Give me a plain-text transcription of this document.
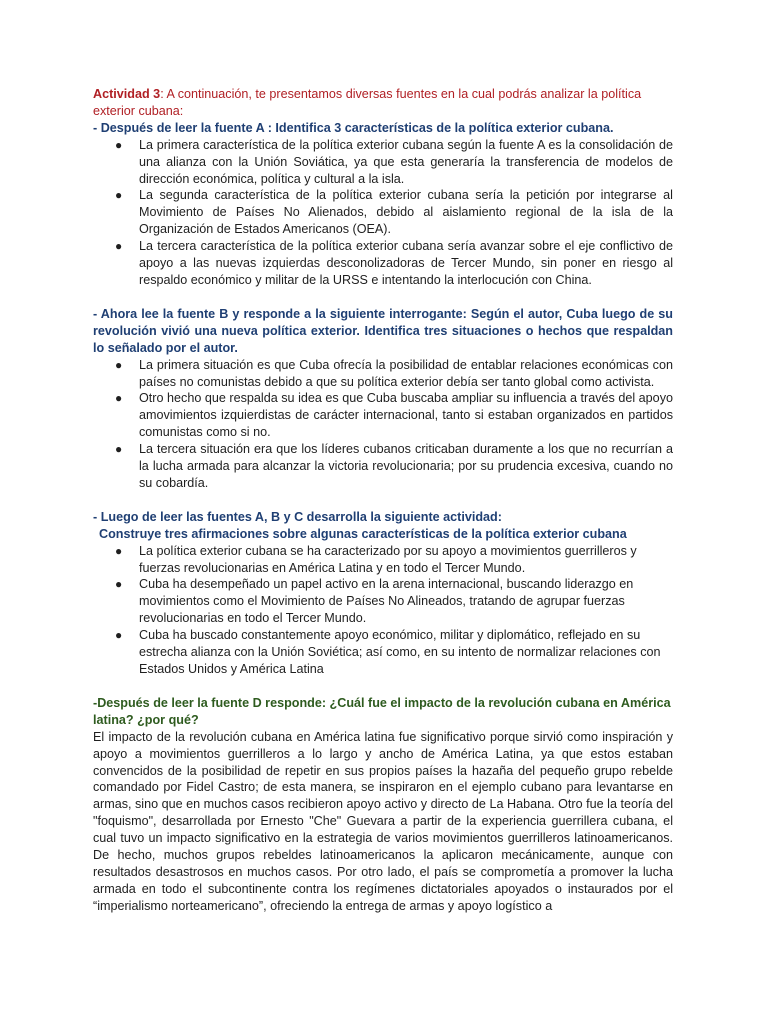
Actividad 3: A continuación, te presentamos diversas fuentes en la cual podrás analizar la política exterior cubana:

- Después de leer la fuente A : Identifica 3 características de la política exterior cubana.

● La primera característica de la política exterior cubana según la fuente A es la consolidación de una alianza con la Unión Soviática, ya que esta generaría la transferencia de modelos de dirección económica, política y cultural a la isla.
● La segunda característica de la política exterior cubana sería la petición por integrarse al Movimiento de Países No Alienados, debido al aislamiento regional de la isla de la Organización de Estados Americanos (OEA).
● La tercera característica de la política exterior cubana sería avanzar sobre el eje conflictivo de apoyo a las nuevas izquierdas desconolizadoras de Tercer Mundo, sin poner en riesgo al respaldo económico y militar de la URSS e intentando la interlocución con China.

- Ahora lee la fuente B y responde a la siguiente interrogante: Según el autor, Cuba luego de su revolución vivió una nueva política exterior. Identifica tres situaciones o hechos que respaldan lo señalado por el autor.

● La primera situación es que Cuba ofrecía la posibilidad de entablar relaciones económicas con países no comunistas debido a que su política exterior debía ser tanto global como activista.
● Otro hecho que respalda su idea es que Cuba buscaba ampliar su influencia a través del apoyo amovimientos izquierdistas de carácter internacional, tanto si estaban organizados en partidos comunistas como si no.
● La tercera situación era que los líderes cubanos criticaban duramente a los que no recurrían a la lucha armada para alcanzar la victoria revolucionaria; por su prudencia excesiva, cuando no su cobardía.

- Luego de leer las fuentes A, B y C desarrolla la siguiente actividad:

Construye tres afirmaciones sobre algunas características de la política exterior cubana

● La política exterior cubana se ha caracterizado por su apoyo a movimientos guerrilleros y fuerzas revolucionarias en América Latina y en todo el Tercer Mundo.
● Cuba ha desempeñado un papel activo en la arena internacional, buscando liderazgo en movimientos como el Movimiento de Países No Alineados, tratando de agrupar fuerzas revolucionarias en todo el Tercer Mundo.
● Cuba ha buscado constantemente apoyo económico, militar y diplomático, reflejado en su estrecha alianza con la Unión Soviética; así como, en su intento de normalizar relaciones con Estados Unidos y América Latina

-Después de leer la fuente D responde: ¿Cuál fue el impacto de la revolución cubana en América latina? ¿por qué?

El impacto de la revolución cubana en América latina fue significativo porque sirvió como inspiración y apoyo a movimientos guerrilleros a lo largo y ancho de América Latina, ya que estos estaban convencidos de la posibilidad de repetir en sus propios países la hazaña del pequeño grupo rebelde comandado por Fidel Castro; de esta manera, se inspiraron en el ejemplo cubano para levantarse en armas, sino que en muchos casos recibieron apoyo activo y directo de La Habana. Otro fue la teoría del "foquismo", desarrollada por Ernesto "Che" Guevara a partir de la experiencia guerrillera cubana, el cual tuvo un impacto significativo en la estrategia de varios movimientos guerrilleros latinoamericanos. De hecho, muchos grupos rebeldes latinoamericanos la aplicaron mecánicamente, aunque con resultados desastrosos en muchos casos. Por otro lado, el país se comprometía a promover la lucha armada en todo el subcontinente contra los regímenes dictatoriales apoyados o instaurados por el “imperialismo norteamericano”, ofreciendo la entrega de armas y apoyo logístico a
